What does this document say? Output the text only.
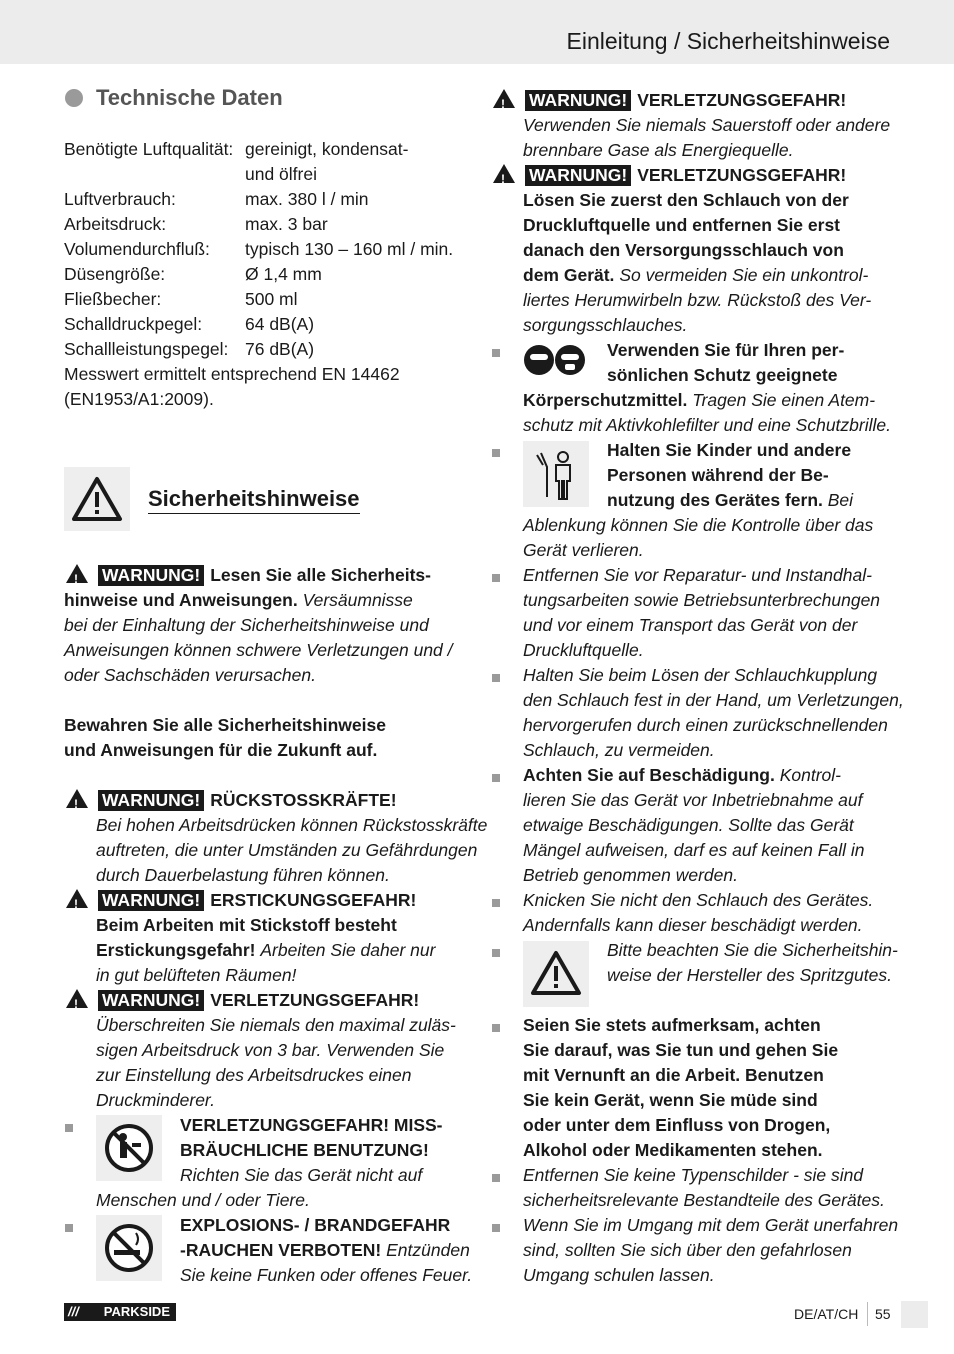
Einleitung / Sicherheitshinweise
Technische Daten
Benötigte Luftqualität: gereinigt, kondensat-
und ölfrei
Luftverbrauch:	max. 380 l / min
Arbeitsdruck:	max. 3 bar
Volumendurchfluß: typisch 130 – 160 ml / min.
Düsengröße:	Ø 1,4 mm
Fließbecher:	500 ml
Schalldruckpegel: 64 dB(A)
Schallleistungspegel: 76 dB(A)
Messwert ermittelt entsprechend EN 14462
(EN1953/A1:2009).
Sicherheitshinweise
!WARNUNG! Lesen Sie alle Sicherheits-
hinweise und Anweisungen. Versäumnisse
bei der Einhaltung der Sicherheitshinweise und
Anweisungen können schwere Verletzungen und /
oder Sachschäden verursachen.
Bewahren Sie alle Sicherheitshinweise
und Anweisungen für die Zukunft auf.
!WARNUNG! RÜCKSTOSSKRÄFTE!
Bei hohen Arbeitsdrücken können Rückstosskräfte
auftreten, die unter Umständen zu Gefährdungen
durch Dauerbelastung führen können.
!WARNUNG! ERSTICKUNGSGEFAHR!
Beim Arbeiten mit Stickstoff besteht
Erstickungsgefahr! Arbeiten Sie daher nur
in gut belüfteten Räumen!
!WARNUNG! VERLETZUNGSGEFAHR!
Überschreiten Sie niemals den maximal zuläs-
sigen Arbeitsdruck von 3 bar. Verwenden Sie
zur Einstellung des Arbeitsdruckes einen
Druckminderer.
VERLETZUNGSGEFAHR! MISS-
BRÄUCHLICHE BENUTZUNG!
Richten Sie das Gerät nicht auf
Menschen und / oder Tiere.
EXPLOSIONS- / BRANDGEFAHR
-RAUCHEN VERBOTEN! Entzünden
Sie keine Funken oder offenes Feuer.
!WARNUNG! VERLETZUNGSGEFAHR!
Verwenden Sie niemals Sauerstoff oder andere
brennbare Gase als Energiequelle.
!WARNUNG! VERLETZUNGSGEFAHR!
Lösen Sie zuerst den Schlauch von der
Druckluftquelle und entfernen Sie erst
danach den Versorgungsschlauch von
dem Gerät. So vermeiden Sie ein unkontrol-
liertes Herumwirbeln bzw. Rückstoß des Ver-
sorgungsschlauches.
Verwenden Sie für Ihren per-
sönlichen Schutz geeignete
Körperschutzmittel. Tragen Sie einen Atem-
schutz mit Aktivkohlefilter und eine Schutzbrille.
Halten Sie Kinder und andere
Personen während der Be-
nutzung des Gerätes fern. Bei
Ablenkung können Sie die Kontrolle über das
Gerät verlieren.
Entfernen Sie vor Reparatur- und Instandhal-
tungsarbeiten sowie Betriebsunterbrechungen
und vor einem Transport das Gerät von der
Druckluftquelle.
Halten Sie beim Lösen der Schlauchkupplung
den Schlauch fest in der Hand, um Verletzungen,
hervorgerufen durch einen zurückschnellenden
Schlauch, zu vermeiden.
Achten Sie auf Beschädigung. Kontrol-
lieren Sie das Gerät vor Inbetriebnahme auf
etwaige Beschädigungen. Sollte das Gerät
Mängel aufweisen, darf es auf keinen Fall in
Betrieb genommen werden.
Knicken Sie nicht den Schlauch des Gerätes.
Andernfalls kann dieser beschädigt werden.
Bitte beachten Sie die Sicherheitshin-
weise der Hersteller des Spritzgutes.
Seien Sie stets aufmerksam, achten
Sie darauf, was Sie tun und gehen Sie
mit Vernunft an die Arbeit. Benutzen
Sie kein Gerät, wenn Sie müde sind
oder unter dem Einfluss von Drogen,
Alkohol oder Medikamenten stehen.
Entfernen Sie keine Typenschilder - sie sind
sicherheitsrelevante Bestandteile des Gerätes.
Wenn Sie im Umgang mit dem Gerät unerfahren
sind, sollten Sie sich über den gefahrlosen
Umgang schulen lassen.
/// PARKSIDE	DE/AT/CH 55
